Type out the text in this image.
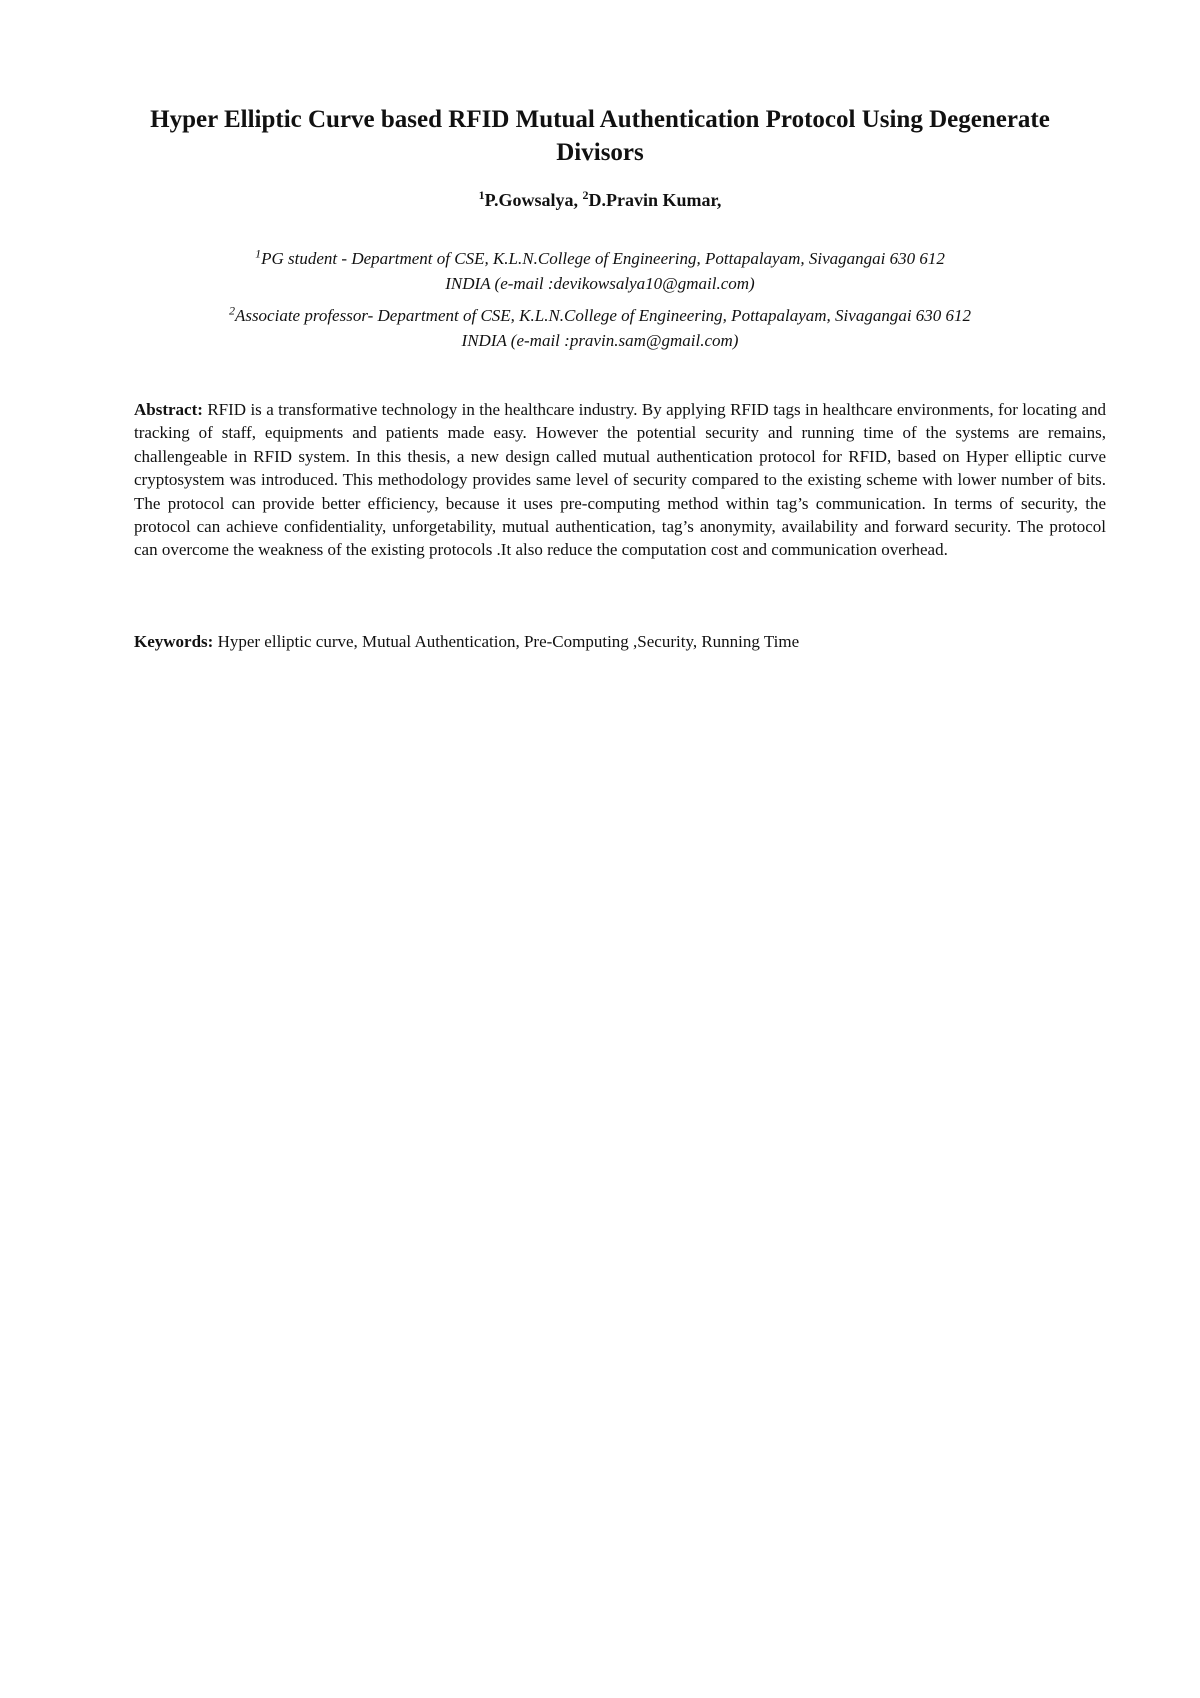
Hyper Elliptic Curve based RFID Mutual Authentication Protocol Using Degenerate Divisors
$^1$P.Gowsalya, $^2$D.Pravin Kumar,
$^1$PG student - Department of CSE, K.L.N.College of Engineering, Pottapalayam, Sivagangai 630 612
INDIA (e-mail :devikowsalya10@gmail.com)
$^2$Associate professor- Department of CSE, K.L.N.College of Engineering, Pottapalayam, Sivagangai 630 612
INDIA (e-mail :pravin.sam@gmail.com)

Abstract: RFID is a transformative technology in the healthcare industry. By applying RFID tags in healthcare environments, for locating and tracking of staff, equipments and patients made easy. However the potential security and running time of the systems are remains, challengeable in RFID system. In this thesis, a new design called mutual authentication protocol for RFID, based on Hyper elliptic curve cryptosystem was introduced. This methodology provides same level of security compared to the existing scheme with lower number of bits. The protocol can provide better efficiency, because it uses pre-computing method within tag’s communication. In terms of security, the protocol can achieve confidentiality, unforgetability, mutual authentication, tag’s anonymity, availability and forward security. The protocol can overcome the weakness of the existing protocols .It also reduce the computation cost and communication overhead.

Keywords: Hyper elliptic curve, Mutual Authentication, Pre-Computing ,Security, Running Time
